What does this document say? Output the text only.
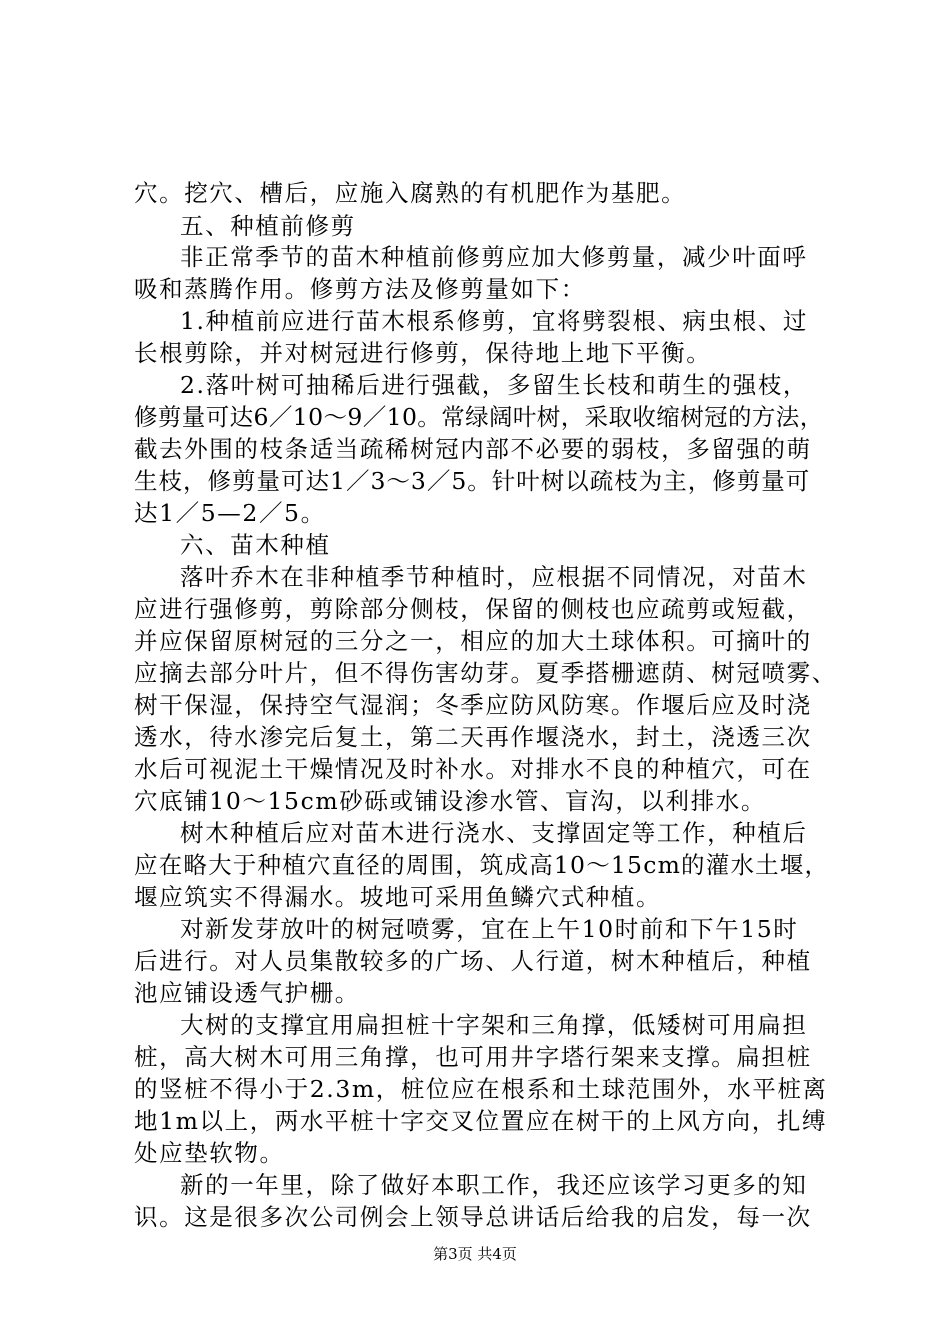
穴。挖穴、槽后，应施入腐熟的有机肥作为基肥。
五、种植前修剪
非正常季节的苗木种植前修剪应加大修剪量，减少叶面呼
吸和蒸腾作用。修剪方法及修剪量如下：
1.种植前应进行苗木根系修剪，宜将劈裂根、病虫根、过
长根剪除，并对树冠进行修剪，保待地上地下平衡。
2.落叶树可抽稀后进行强截，多留生长枝和萌生的强枝，
修剪量可达6／10～9／10。常绿阔叶树，采取收缩树冠的方法，
截去外围的枝条适当疏稀树冠内部不必要的弱枝，多留强的萌
生枝，修剪量可达1／3～3／5。针叶树以疏枝为主，修剪量可
达1／5—2／5。
六、苗木种植
落叶乔木在非种植季节种植时，应根据不同情况，对苗木
应进行强修剪，剪除部分侧枝，保留的侧枝也应疏剪或短截，
并应保留原树冠的三分之一，相应的加大土球体积。可摘叶的
应摘去部分叶片，但不得伤害幼芽。夏季搭栅遮荫、树冠喷雾、
树干保湿，保持空气湿润；冬季应防风防寒。作堰后应及时浇
透水，待水渗完后复土，第二天再作堰浇水，封土，浇透三次
水后可视泥土干燥情况及时补水。对排水不良的种植穴，可在
穴底铺10～15cm砂砾或铺设渗水管、盲沟，以利排水。
树木种植后应对苗木进行浇水、支撑固定等工作，种植后
应在略大于种植穴直径的周围，筑成高10～15cm的灌水土堰，
堰应筑实不得漏水。坡地可采用鱼鳞穴式种植。
对新发芽放叶的树冠喷雾，宜在上午10时前和下午15时
后进行。对人员集散较多的广场、人行道，树木种植后，种植
池应铺设透气护栅。
大树的支撑宜用扁担桩十字架和三角撑，低矮树可用扁担
桩，高大树木可用三角撑，也可用井字塔行架来支撑。扁担桩
的竖桩不得小于2.3m，桩位应在根系和土球范围外，水平桩离
地1m以上，两水平桩十字交叉位置应在树干的上风方向，扎缚
处应垫软物。
新的一年里，除了做好本职工作，我还应该学习更多的知
识。这是很多次公司例会上领导总讲话后给我的启发，每一次
第3页 共4页
